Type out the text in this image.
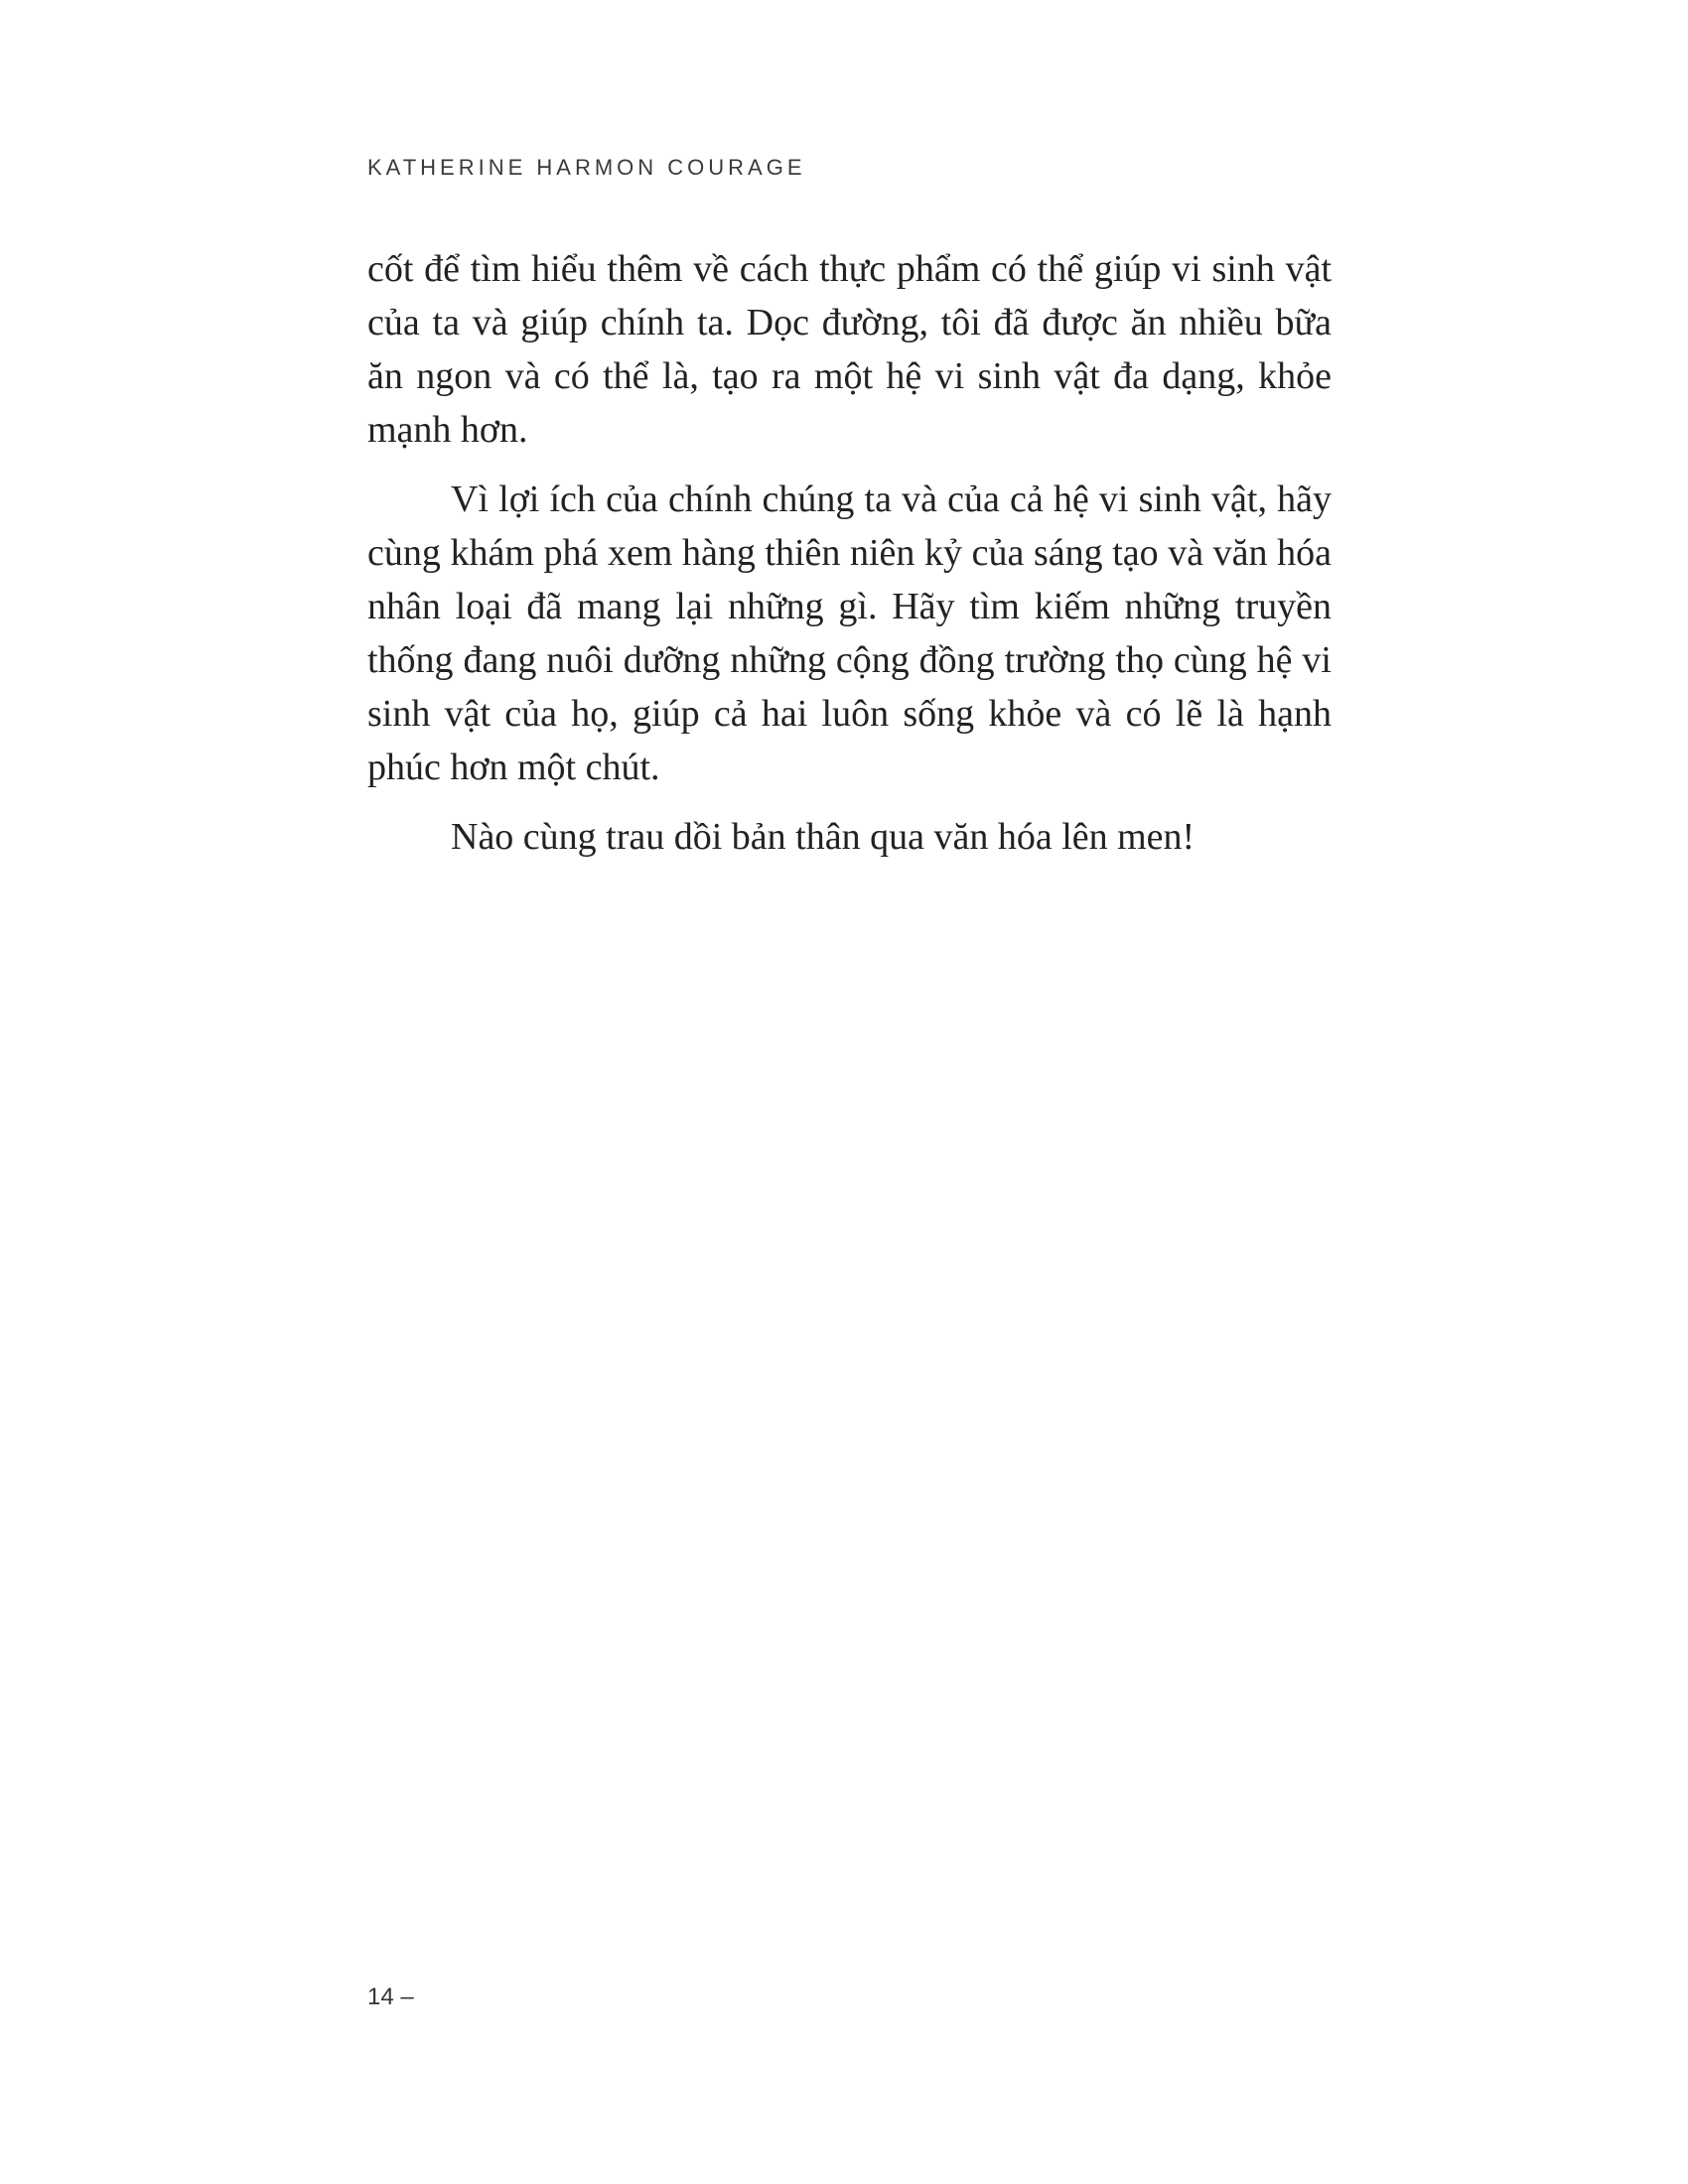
KATHERINE HARMON COURAGE

cốt để tìm hiểu thêm về cách thực phẩm có thể giúp vi sinh vật của ta và giúp chính ta. Dọc đường, tôi đã được ăn nhiều bữa ăn ngon và có thể là, tạo ra một hệ vi sinh vật đa dạng, khỏe mạnh hơn.

Vì lợi ích của chính chúng ta và của cả hệ vi sinh vật, hãy cùng khám phá xem hàng thiên niên kỷ của sáng tạo và văn hóa nhân loại đã mang lại những gì. Hãy tìm kiếm những truyền thống đang nuôi dưỡng những cộng đồng trường thọ cùng hệ vi sinh vật của họ, giúp cả hai luôn sống khỏe và có lẽ là hạnh phúc hơn một chút.

Nào cùng trau dồi bản thân qua văn hóa lên men!

14 –
